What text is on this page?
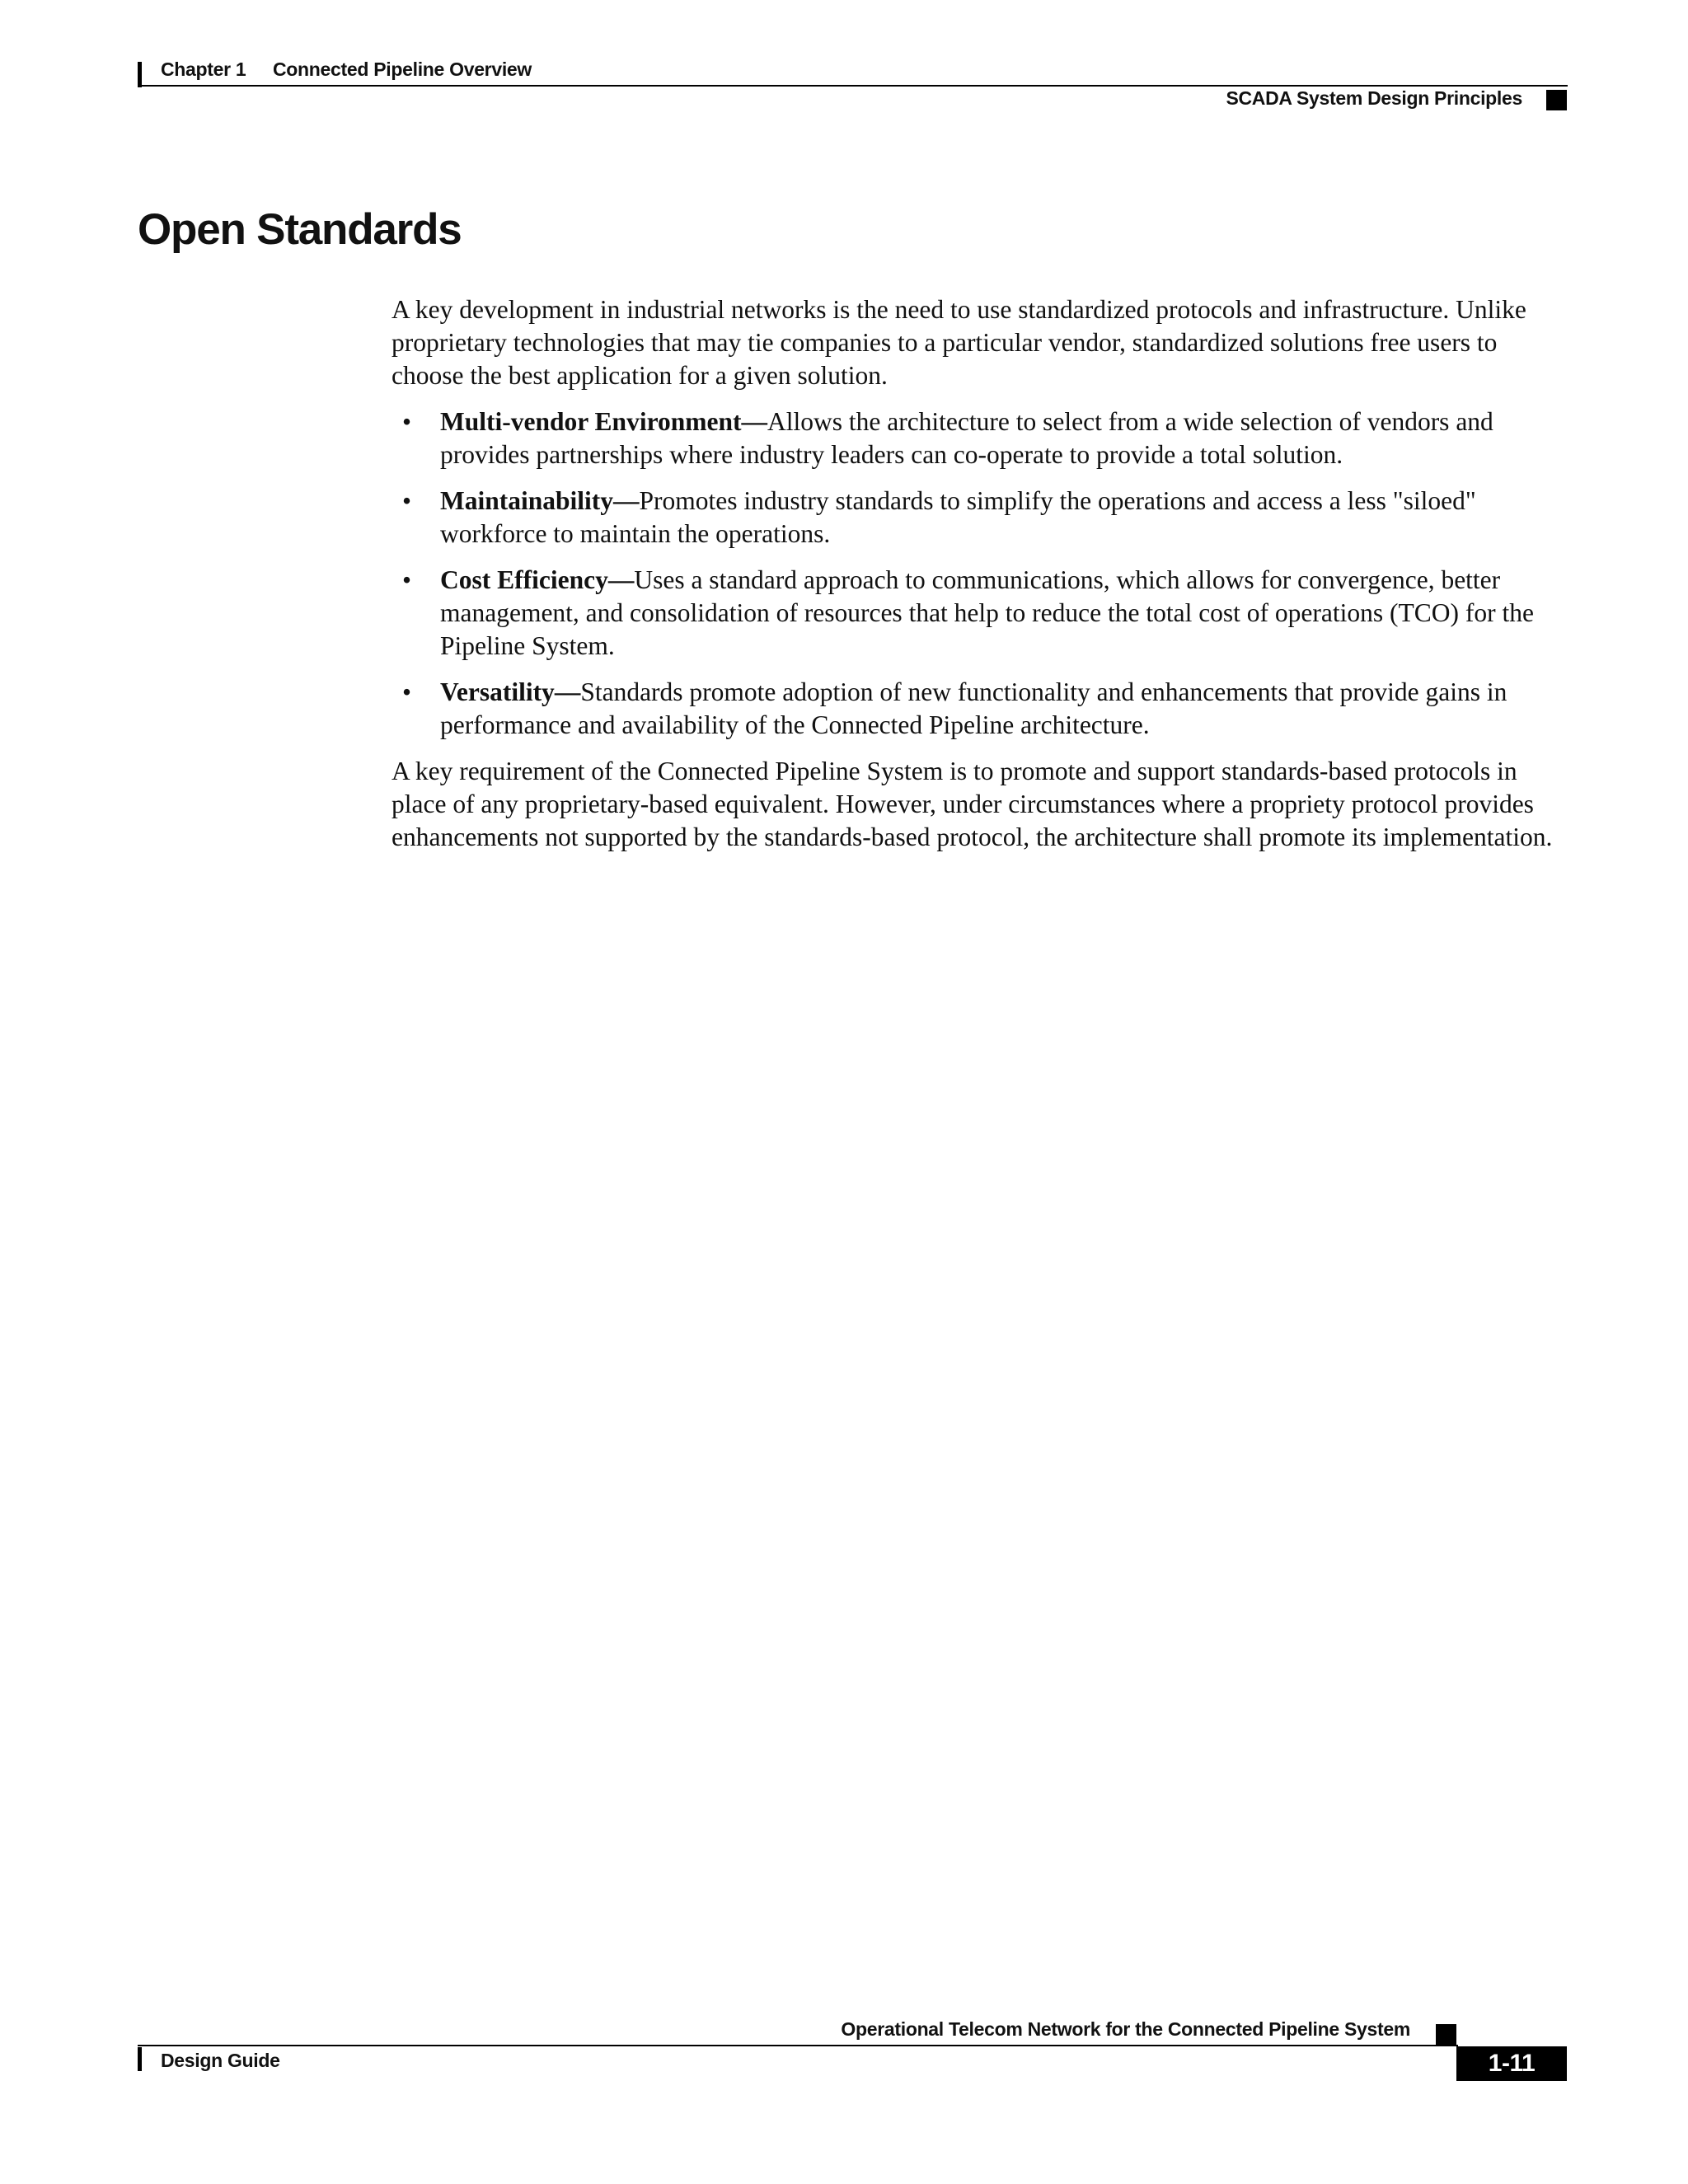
Chapter 1 Connected Pipeline Overview
SCADA System Design Principles
Open Standards

A key development in industrial networks is the need to use standardized protocols and infrastructure. Unlike proprietary technologies that may tie companies to a particular vendor, standardized solutions free users to choose the best application for a given solution.

• Multi-vendor Environment—Allows the architecture to select from a wide selection of vendors and provides partnerships where industry leaders can co-operate to provide a total solution.
• Maintainability—Promotes industry standards to simplify the operations and access a less "siloed" workforce to maintain the operations.
• Cost Efficiency—Uses a standard approach to communications, which allows for convergence, better management, and consolidation of resources that help to reduce the total cost of operations (TCO) for the Pipeline System.
• Versatility—Standards promote adoption of new functionality and enhancements that provide gains in performance and availability of the Connected Pipeline architecture.

A key requirement of the Connected Pipeline System is to promote and support standards-based protocols in place of any proprietary-based equivalent. However, under circumstances where a propriety protocol provides enhancements not supported by the standards-based protocol, the architecture shall promote its implementation.

Operational Telecom Network for the Connected Pipeline System
Design Guide	1-11
